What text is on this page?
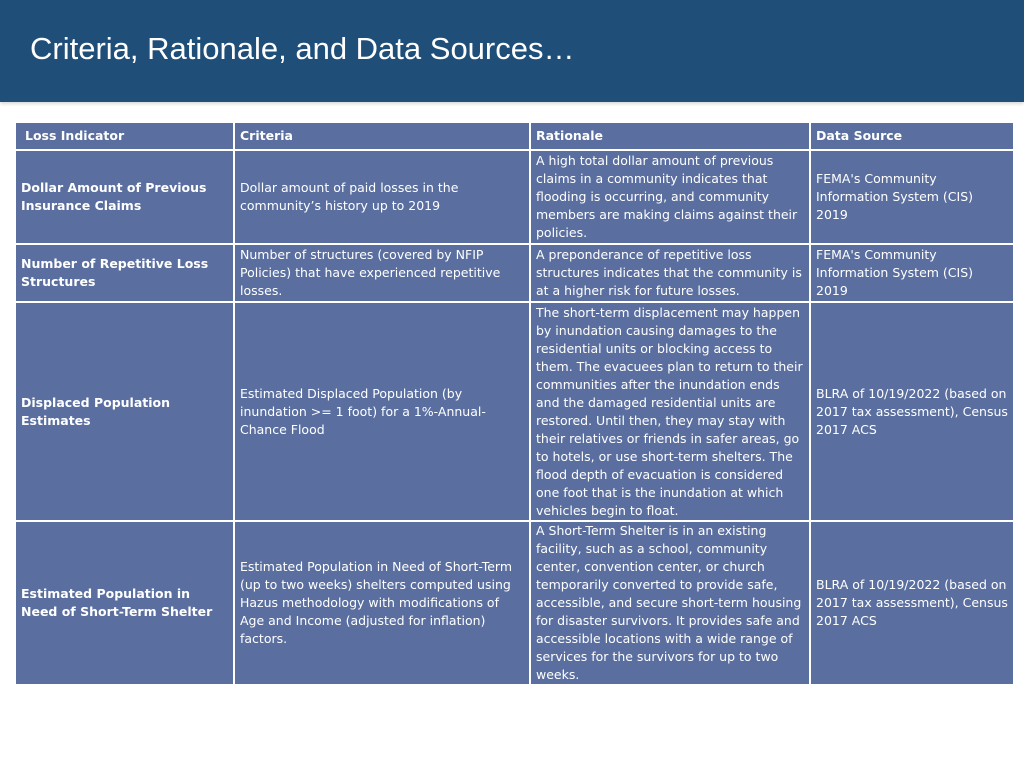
Criteria, Rationale, and Data Sources…
Loss Indicator	Criteria	Rationale	Data Source
Dollar Amount of Previous Insurance Claims	Dollar amount of paid losses in the community’s history up to 2019	A high total dollar amount of previous claims in a community indicates that flooding is occurring, and community members are making claims against their policies.	FEMA's Community Information System (CIS) 2019
Number of Repetitive Loss Structures	Number of structures (covered by NFIP Policies) that have experienced repetitive losses.	A preponderance of repetitive loss structures indicates that the community is at a higher risk for future losses.	FEMA's Community Information System (CIS) 2019
Displaced Population Estimates	Estimated Displaced Population (by inundation >= 1 foot) for a 1%-Annual-Chance Flood	The short-term displacement may happen by inundation causing damages to the residential units or blocking access to them. The evacuees plan to return to their communities after the inundation ends and the damaged residential units are restored. Until then, they may stay with their relatives or friends in safer areas, go to hotels, or use short-term shelters. The flood depth of evacuation is considered one foot that is the inundation at which vehicles begin to float.	BLRA of 10/19/2022 (based on 2017 tax assessment), Census 2017 ACS
Estimated Population in Need of Short-Term Shelter	Estimated Population in Need of Short-Term (up to two weeks) shelters computed using Hazus methodology with modifications of Age and Income (adjusted for inflation) factors.	A Short-Term Shelter is in an existing facility, such as a school, community center, convention center, or church temporarily converted to provide safe, accessible, and secure short-term housing for disaster survivors. It provides safe and accessible locations with a wide range of services for the survivors for up to two weeks.	BLRA of 10/19/2022 (based on 2017 tax assessment), Census 2017 ACS
